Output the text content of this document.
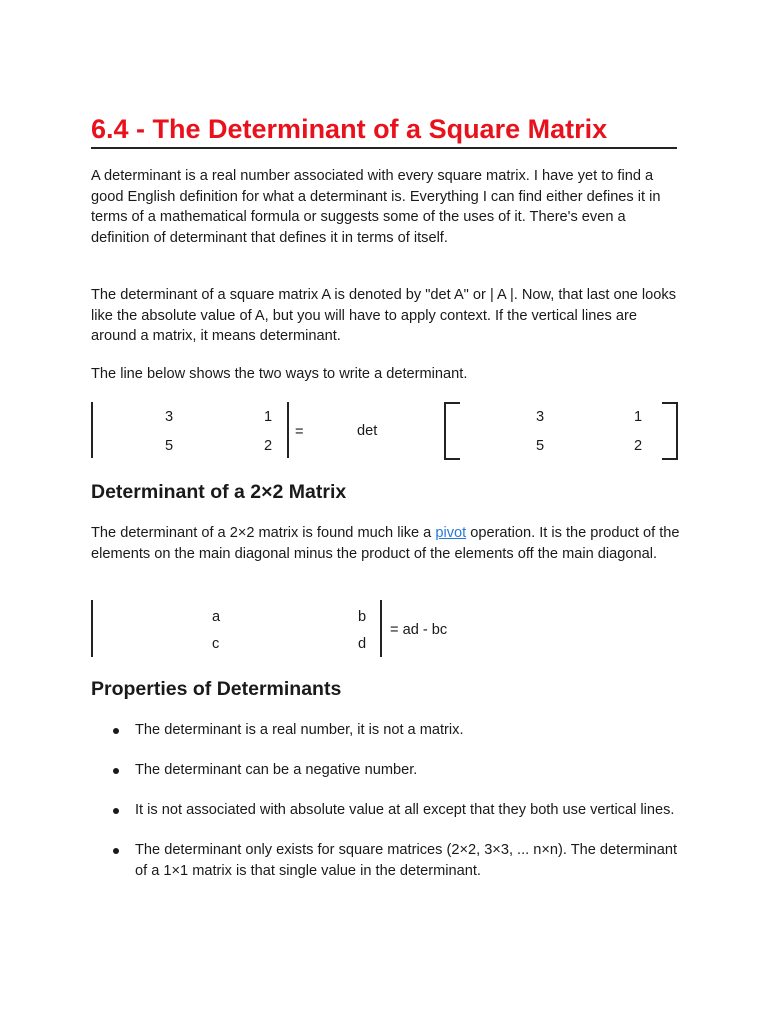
6.4 - The Determinant of a Square Matrix

A determinant is a real number associated with every square matrix. I have yet to find a good English definition for what a determinant is. Everything I can find either defines it in terms of a mathematical formula or suggests some of the uses of it. There's even a definition of determinant that defines it in terms of itself.

The determinant of a square matrix A is denoted by "det A" or | A |. Now, that last one looks like the absolute value of A, but you will have to apply context. If the vertical lines are around a matrix, it means determinant.

The line below shows the two ways to write a determinant.

3	1
5	2
=	det
3	1
5	2
Determinant of a 2×2 Matrix

The determinant of a 2×2 matrix is found much like a pivot operation. It is the product of the elements on the main diagonal minus the product of the elements off the main diagonal.

a	b
c	d
= ad - bc
Properties of Determinants
The determinant is a real number, it is not a matrix.
The determinant can be a negative number.
It is not associated with absolute value at all except that they both use vertical lines.
The determinant only exists for square matrices (2×2, 3×3, ... n×n). The determinant of a 1×1 matrix is that single value in the determinant.
